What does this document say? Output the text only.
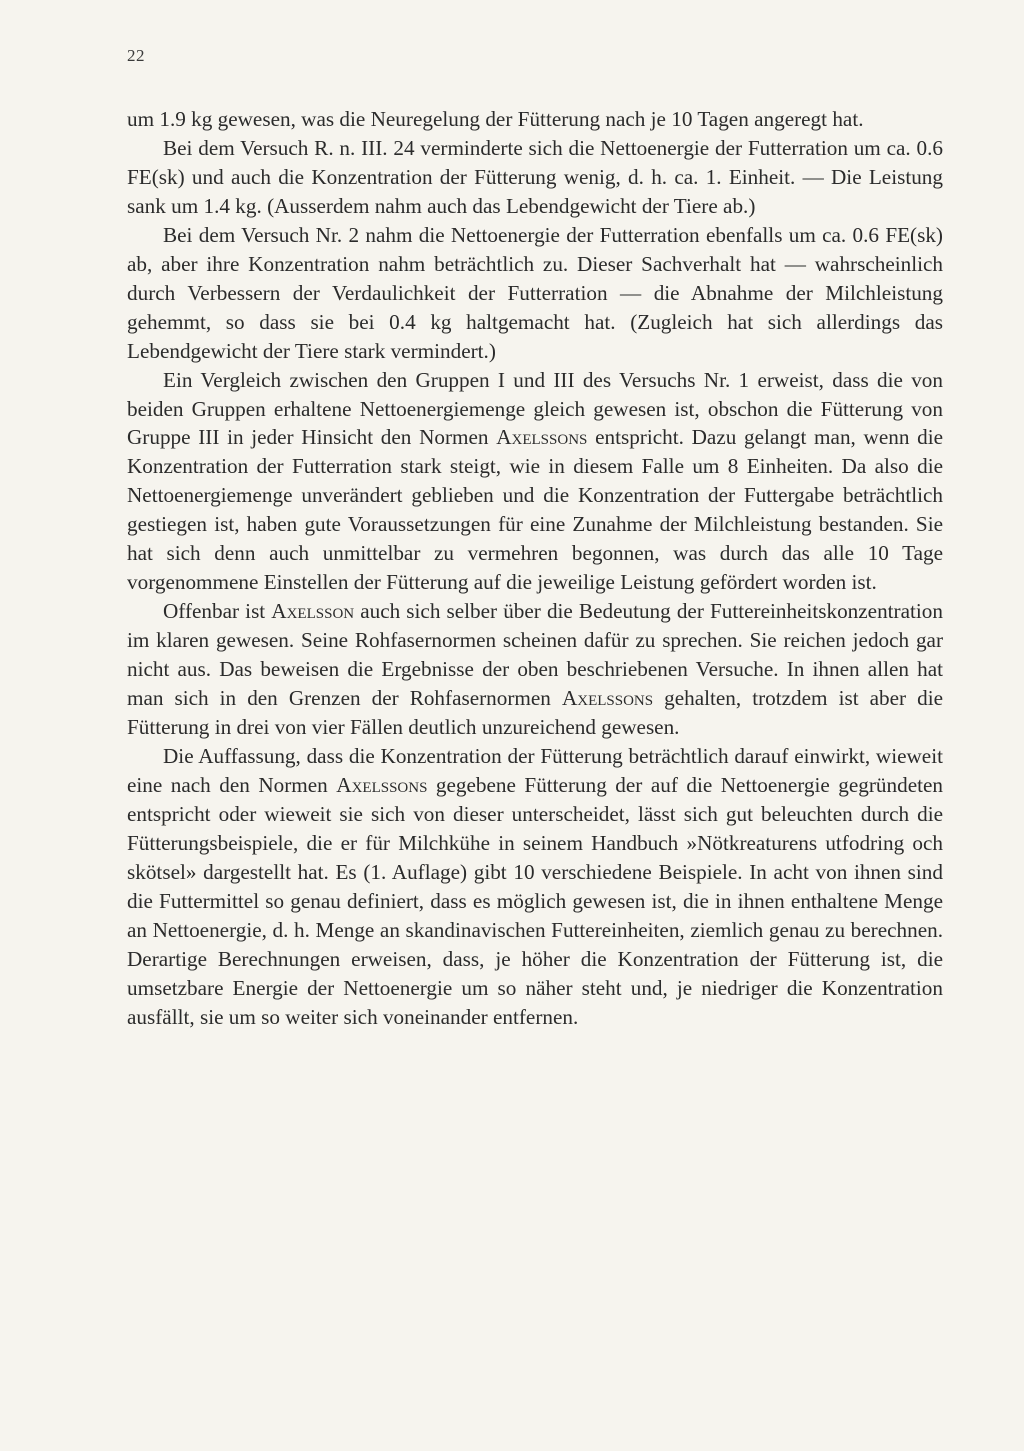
22

um 1.9 kg gewesen, was die Neuregelung der Fütterung nach je 10 Tagen angeregt hat.

Bei dem Versuch R. n. III. 24 verminderte sich die Nettoenergie der Futterration um ca. 0.6 FE(sk) und auch die Konzentration der Fütterung wenig, d. h. ca. 1. Einheit. — Die Leistung sank um 1.4 kg. (Ausserdem nahm auch das Lebendgewicht der Tiere ab.)

Bei dem Versuch Nr. 2 nahm die Nettoenergie der Futterration ebenfalls um ca. 0.6 FE(sk) ab, aber ihre Konzentration nahm beträchtlich zu. Dieser Sachverhalt hat — wahrscheinlich durch Verbessern der Verdaulichkeit der Futterration — die Abnahme der Milchleistung gehemmt, so dass sie bei 0.4 kg haltgemacht hat. (Zugleich hat sich allerdings das Lebendgewicht der Tiere stark vermindert.)

Ein Vergleich zwischen den Gruppen I und III des Versuchs Nr. 1 erweist, dass die von beiden Gruppen erhaltene Nettoenergiemenge gleich gewesen ist, obschon die Fütterung von Gruppe III in jeder Hinsicht den Normen Axelssons entspricht. Dazu gelangt man, wenn die Konzentration der Futterration stark steigt, wie in diesem Falle um 8 Einheiten. Da also die Nettoenergiemenge unverändert geblieben und die Konzentration der Futtergabe beträchtlich gestiegen ist, haben gute Voraussetzungen für eine Zunahme der Milchleistung bestanden. Sie hat sich denn auch unmittelbar zu vermehren begonnen, was durch das alle 10 Tage vorgenommene Einstellen der Fütterung auf die jeweilige Leistung gefördert worden ist.

Offenbar ist Axelsson auch sich selber über die Bedeutung der Futtereinheitskonzentration im klaren gewesen. Seine Rohfasernormen scheinen dafür zu sprechen. Sie reichen jedoch gar nicht aus. Das beweisen die Ergebnisse der oben beschriebenen Versuche. In ihnen allen hat man sich in den Grenzen der Rohfasernormen Axelssons gehalten, trotzdem ist aber die Fütterung in drei von vier Fällen deutlich unzureichend gewesen.

Die Auffassung, dass die Konzentration der Fütterung beträchtlich darauf einwirkt, wieweit eine nach den Normen Axelssons gegebene Fütterung der auf die Nettoenergie gegründeten entspricht oder wieweit sie sich von dieser unterscheidet, lässt sich gut beleuchten durch die Fütterungsbeispiele, die er für Milchkühe in seinem Handbuch »Nötkreaturens utfodring och skötsel» dargestellt hat. Es (1. Auflage) gibt 10 verschiedene Beispiele. In acht von ihnen sind die Futtermittel so genau definiert, dass es möglich gewesen ist, die in ihnen enthaltene Menge an Nettoenergie, d. h. Menge an skandinavischen Futtereinheiten, ziemlich genau zu berechnen. Derartige Berechnungen erweisen, dass, je höher die Konzentration der Fütterung ist, die umsetzbare Energie der Nettoenergie um so näher steht und, je niedriger die Konzentration ausfällt, sie um so weiter sich voneinander entfernen.
